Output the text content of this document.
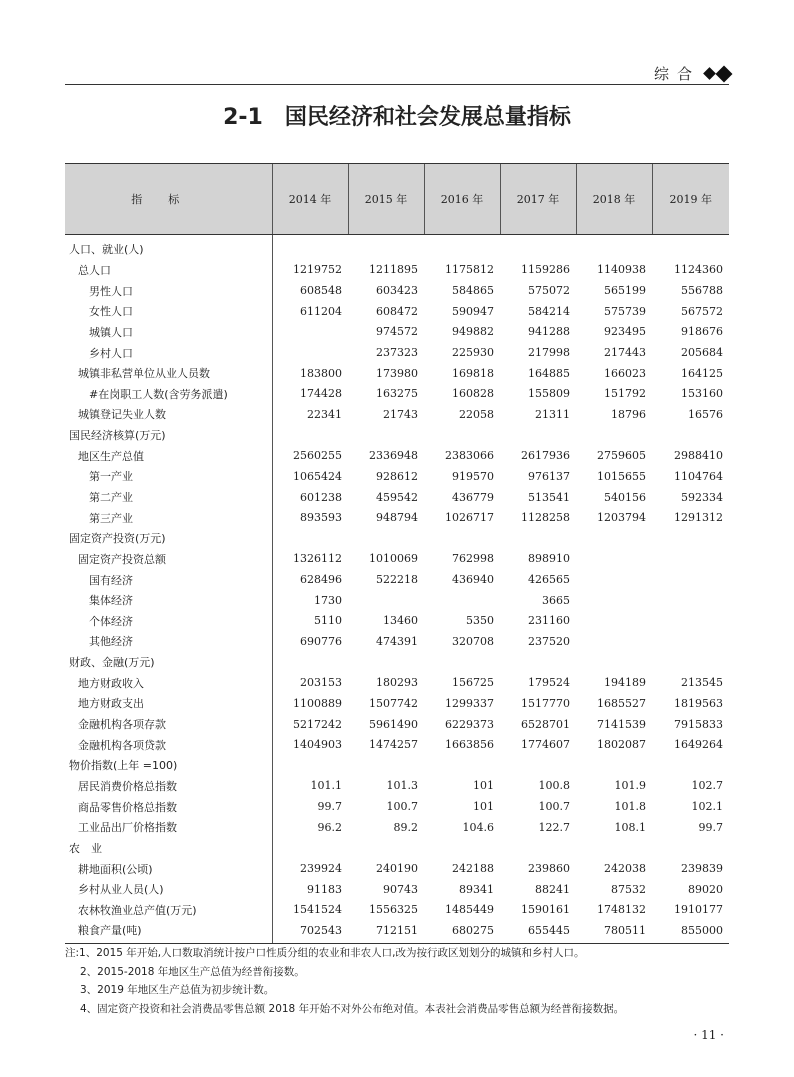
综合
2-1 国民经济和社会发展总量指标
指标	2014 年	2015 年	2016 年	2017 年	2018 年	2019 年
人口、就业(人)						
总人口	1219752	1211895	1175812	1159286	1140938	1124360
男性人口	608548	603423	584865	575072	565199	556788
女性人口	611204	608472	590947	584214	575739	567572
城镇人口		974572	949882	941288	923495	918676
乡村人口		237323	225930	217998	217443	205684
城镇非私营单位从业人员数	183800	173980	169818	164885	166023	164125
#在岗职工人数(含劳务派遣)	174428	163275	160828	155809	151792	153160
城镇登记失业人数	22341	21743	22058	21311	18796	16576
国民经济核算(万元)						
地区生产总值	2560255	2336948	2383066	2617936	2759605	2988410
第一产业	1065424	928612	919570	976137	1015655	1104764
第二产业	601238	459542	436779	513541	540156	592334
第三产业	893593	948794	1026717	1128258	1203794	1291312
固定资产投资(万元)						
固定资产投资总额	1326112	1010069	762998	898910		
国有经济	628496	522218	436940	426565		
集体经济	1730			3665		
个体经济	5110	13460	5350	231160		
其他经济	690776	474391	320708	237520		
财政、金融(万元)						
地方财政收入	203153	180293	156725	179524	194189	213545
地方财政支出	1100889	1507742	1299337	1517770	1685527	1819563
金融机构各项存款	5217242	5961490	6229373	6528701	7141539	7915833
金融机构各项贷款	1404903	1474257	1663856	1774607	1802087	1649264
物价指数(上年 =100)						
居民消费价格总指数	101.1	101.3	101	100.8	101.9	102.7
商品零售价格总指数	99.7	100.7	101	100.7	101.8	102.1
工业品出厂价格指数	96.2	89.2	104.6	122.7	108.1	99.7
农　业						
耕地面积(公顷)	239924	240190	242188	239860	242038	239839
乡村从业人员(人)	91183	90743	89341	88241	87532	89020
农林牧渔业总产值(万元)	1541524	1556325	1485449	1590161	1748132	1910177
粮食产量(吨)	702543	712151	680275	655445	780511	855000
注:1、2015 年开始,人口数取消统计按户口性质分组的农业和非农人口,改为按行政区划划分的城镇和乡村人口。
2、2015-2018 年地区生产总值为经普衔接数。
3、2019 年地区生产总值为初步统计数。
4、固定资产投资和社会消费品零售总额 2018 年开始不对外公布绝对值。本表社会消费品零售总额为经普衔接数据。
· 11 ·
